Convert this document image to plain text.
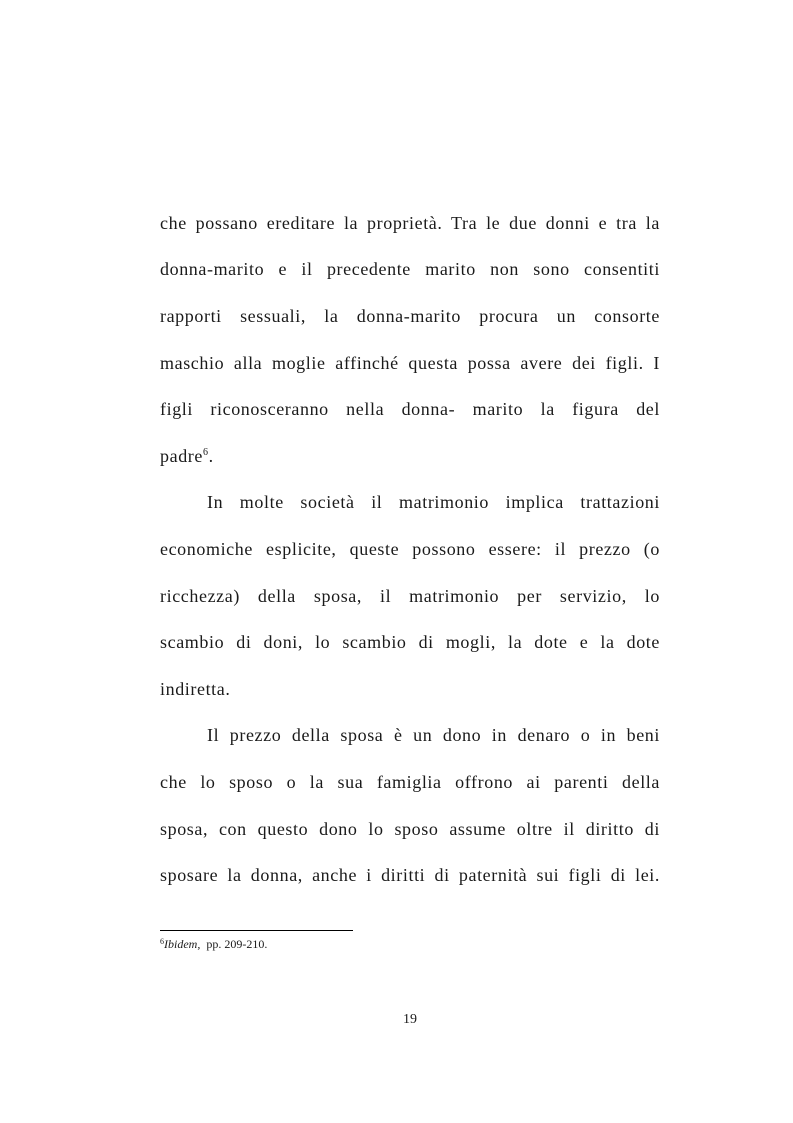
che possano ereditare la proprietà. Tra le due donni e tra la
donna-marito e il precedente marito non sono consentiti
rapporti sessuali, la donna-marito procura un consorte
maschio alla moglie affinché questa possa avere dei figli. I
figli riconosceranno nella donna- marito la figura del
padre$^6$.
In molte società il matrimonio implica trattazioni
economiche esplicite, queste possono essere: il prezzo (o
ricchezza) della sposa, il matrimonio per servizio, lo
scambio di doni, lo scambio di mogli, la dote e la dote
indiretta.
Il prezzo della sposa è un dono in denaro o in beni
che lo sposo o la sua famiglia offrono ai parenti della
sposa, con questo dono lo sposo assume oltre il diritto di
sposare la donna, anche i diritti di paternità sui figli di lei.
$^6$Ibidem,  pp. 209-210.
19
